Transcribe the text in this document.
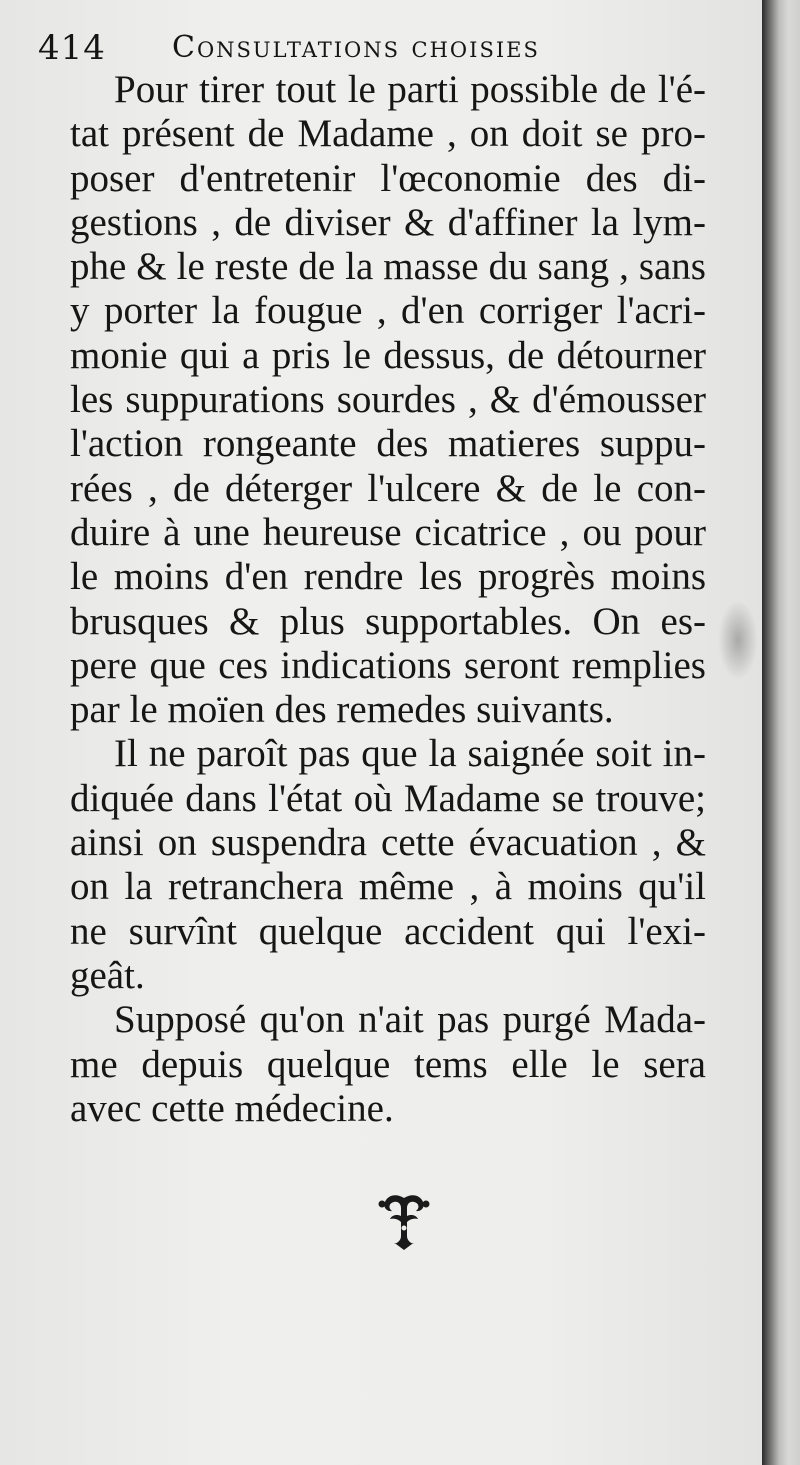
414 Consultations choisies

Pour tirer tout le parti possible de l'é-
tat présent de Madame , on doit se pro-
poser d'entretenir l'œconomie des di-
gestions , de diviser & d'affiner la lym-
phe & le reste de la masse du sang , sans
y porter la fougue , d'en corriger l'acri-
monie qui a pris le dessus, de détourner
les suppurations sourdes , & d'émousser
l'action rongeante des matieres suppu-
rées , de déterger l'ulcere & de le con-
duire à une heureuse cicatrice , ou pour
le moins d'en rendre les progrès moins
brusques & plus supportables. On es-
pere que ces indications seront remplies
par le moïen des remedes suivants.

Il ne paroît pas que la saignée soit in-
diquée dans l'état où Madame se trouve;
ainsi on suspendra cette évacuation , &
on la retranchera même , à moins qu'il
ne survînt quelque accident qui l'exi-
geât.

Supposé qu'on n'ait pas purgé Mada-
me depuis quelque tems elle le sera
avec cette médecine.
